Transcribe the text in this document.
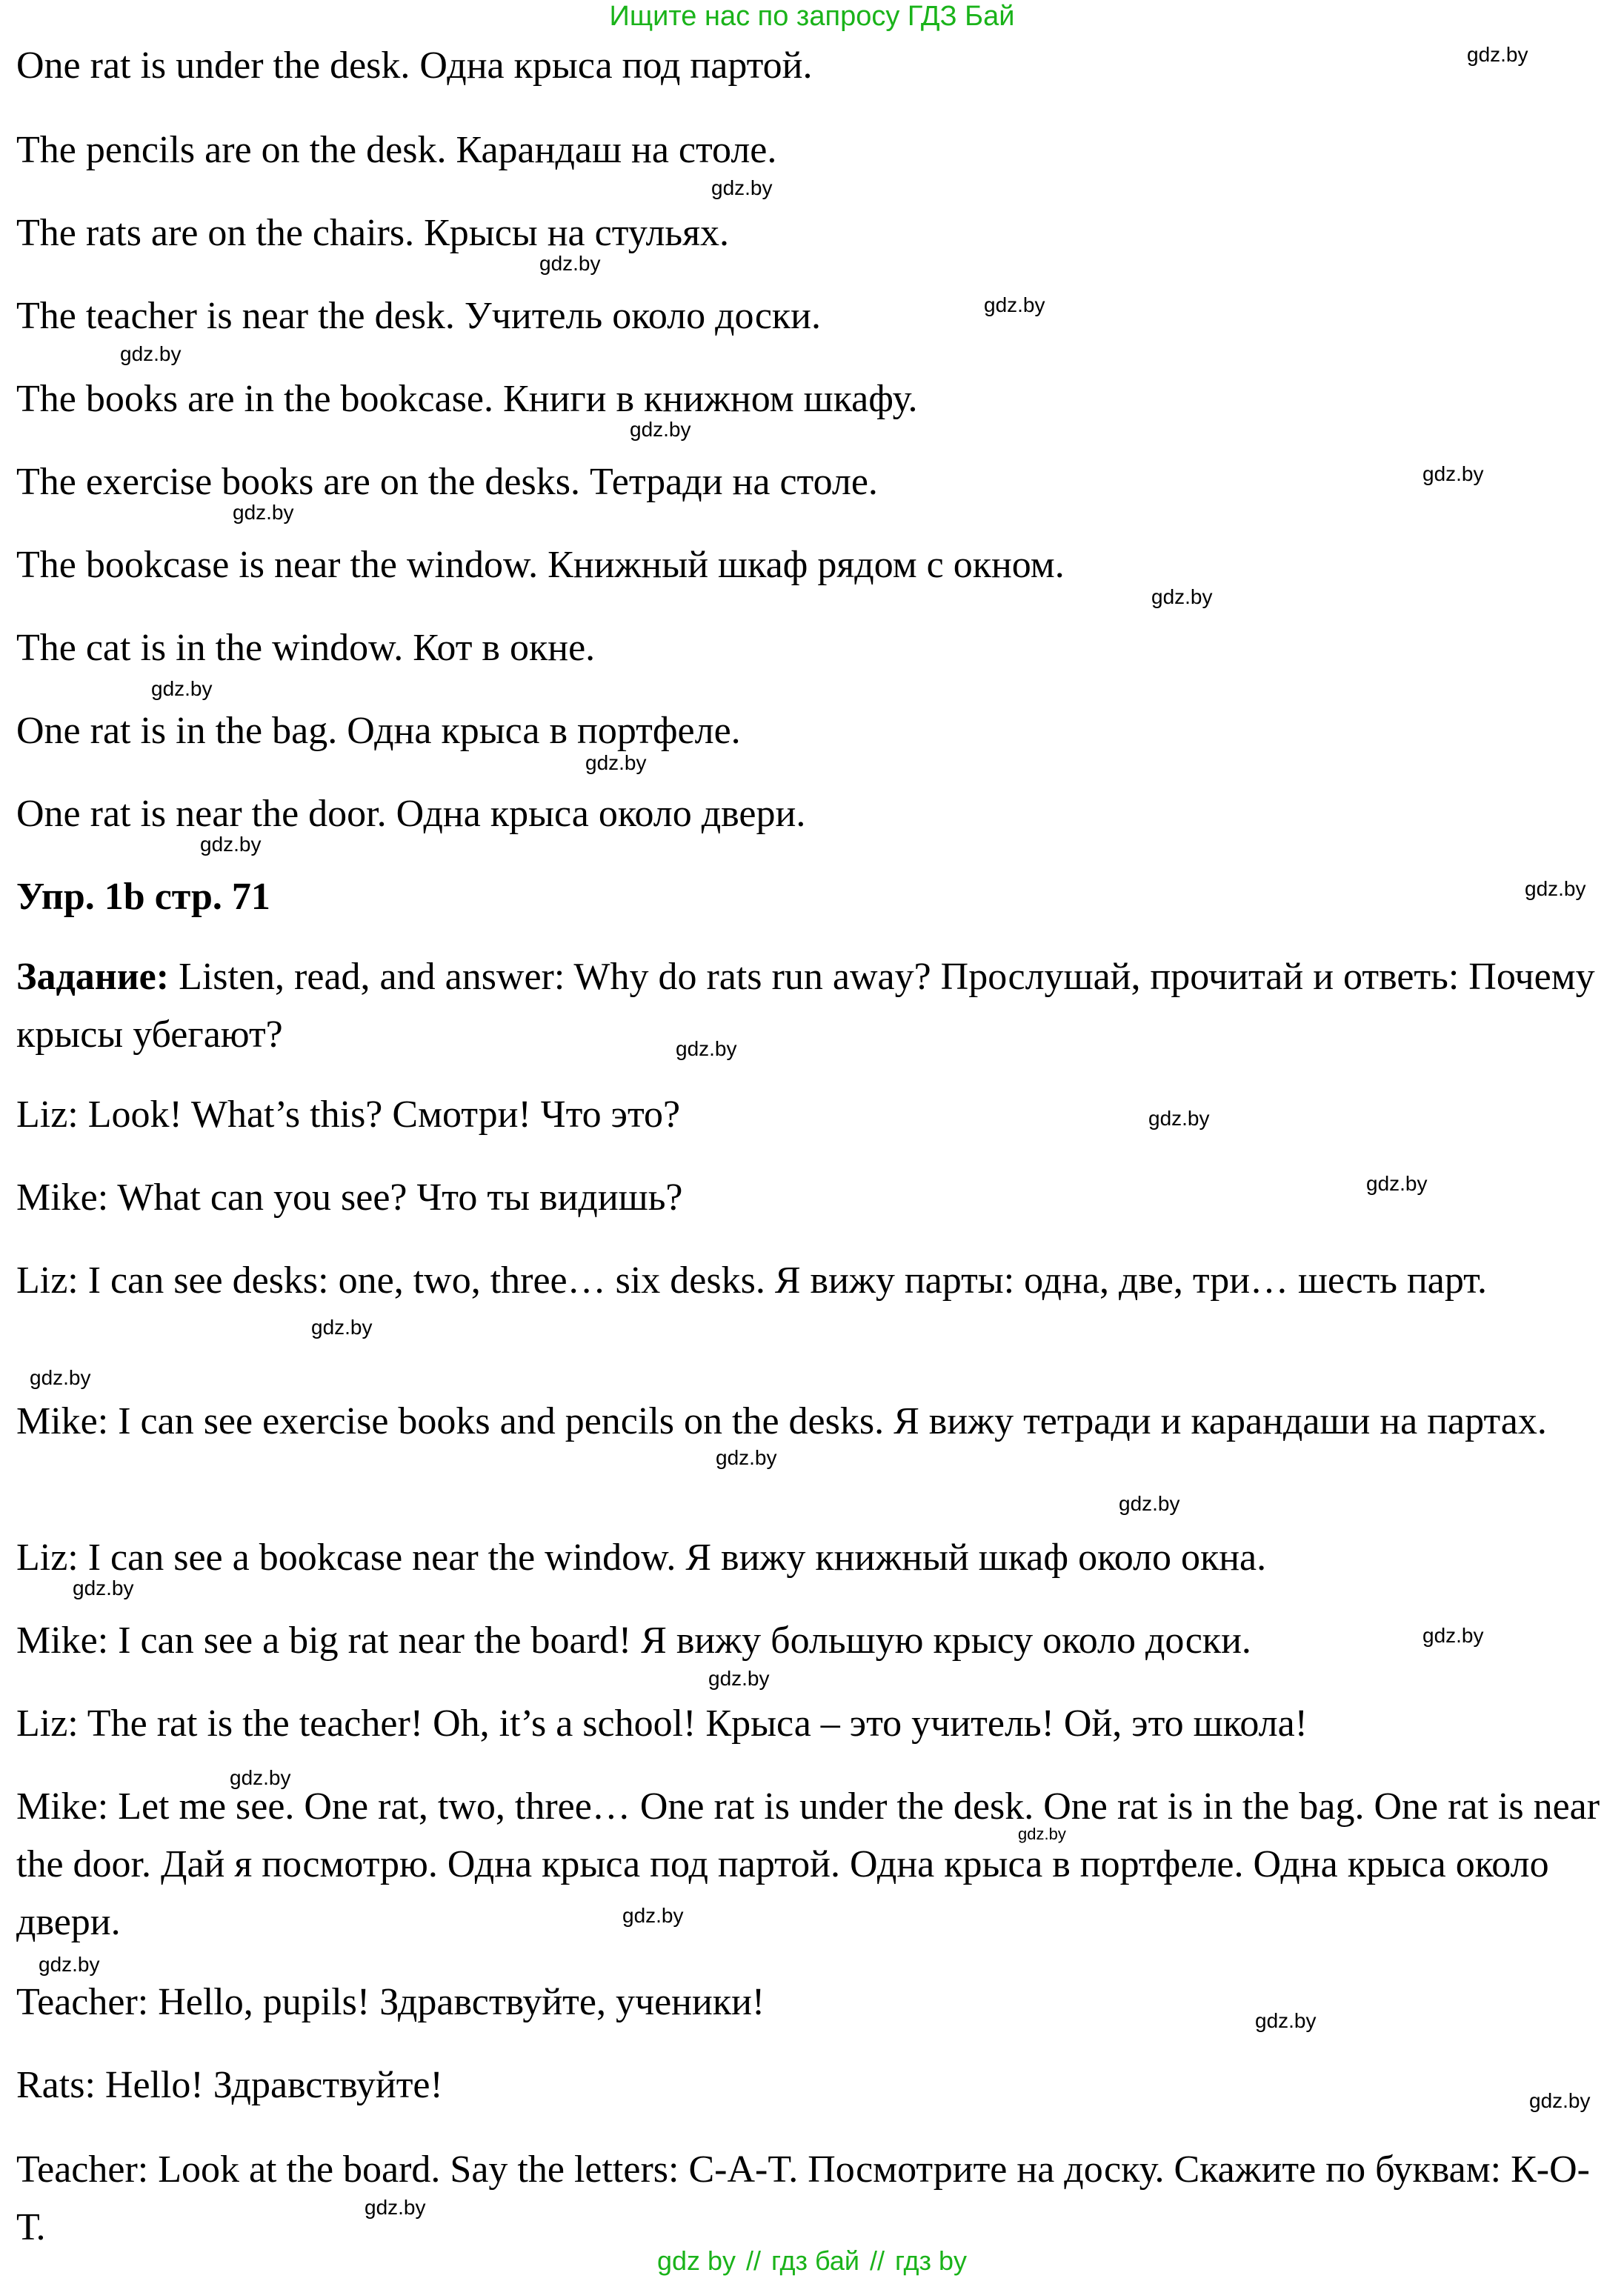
Ищите нас по запросу ГДЗ Бай
One rat is under the desk. Одна крыса под партой.
The pencils are on the desk. Карандаш на столе.
The rats are on the chairs. Крысы на стульях.
The teacher is near the desk. Учитель около доски.
The books are in the bookcase. Книги в книжном шкафу.
The exercise books are on the desks. Тетради на столе.
The bookcase is near the window. Книжный шкаф рядом с окном.
The cat is in the window. Кот в окне.
One rat is in the bag. Одна крыса в портфеле.
One rat is near the door. Одна крыса около двери.
Упр. 1b стр. 71
Задание: Listen, read, and answer: Why do rats run away? Прослушай, прочитай и ответь: Почему крысы убегают?
Liz: Look! What’s this? Смотри! Что это?
Mike: What can you see? Что ты видишь?
Liz: I can see desks: one, two, three… six desks. Я вижу парты: одна, две, три… шесть парт.
Mike: I can see exercise books and pencils on the desks. Я вижу тетради и карандаши на партах.
Liz: I can see a bookcase near the window. Я вижу книжный шкаф около окна.
Mike: I can see a big rat near the board! Я вижу большую крысу около доски.
Liz: The rat is the teacher! Oh, it’s a school! Крыса – это учитель! Ой, это школа!
Mike: Let me see. One rat, two, three… One rat is under the desk. One rat is in the bag. One rat is near the door. Дай я посмотрю. Одна крыса под партой. Одна крыса в портфеле. Одна крыса около двери.
Teacher: Hello, pupils! Здравствуйте, ученики!
Rats: Hello! Здравствуйте!
Teacher: Look at the board. Say the letters: C-A-T. Посмотрите на доску. Скажите по буквам: К-О-Т.
gdz.by
gdz.by
gdz.by
gdz.by
gdz.by
gdz.by
gdz.by
gdz.by
gdz.by
gdz.by
gdz.by
gdz.by
gdz.by
gdz.by
gdz.by
gdz.by
gdz.by
gdz.by
gdz.by
gdz.by
gdz.by
gdz.by
gdz.by
gdz.by
gdz.by
gdz.by
gdz.by
gdz.by
gdz.by
gdz.by
gdz by // гдз бай // гдз by
